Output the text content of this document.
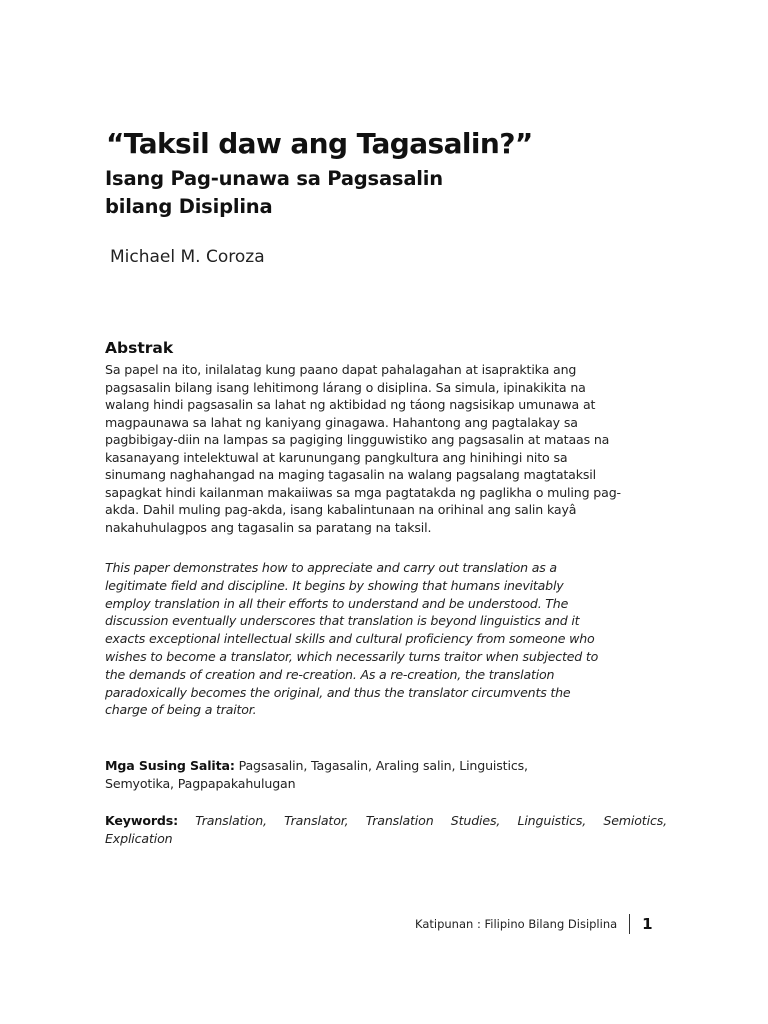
“Taksil daw ang Tagasalin?”
Isang Pag-unawa sa Pagsasalin
bilang Disiplina
Michael M. Coroza
Abstrak

Sa papel na ito, inilalatag kung paano dapat pahalagahan at isapraktika ang
pagsasalin bilang isang lehitimong lárang o disiplina. Sa simula, ipinakikita na
walang hindi pagsasalin sa lahat ng aktibidad ng táong nagsisikap umunawa at
magpaunawa sa lahat ng kaniyang ginagawa. Hahantong ang pagtalakay sa
pagbibigay-diin na lampas sa pagiging lingguwistiko ang pagsasalin at mataas na
kasanayang intelektuwal at karunungang pangkultura ang hinihingi nito sa
sinumang naghahangad na maging tagasalin na walang pagsalang magtataksil
sapagkat hindi kailanman makaiiwas sa mga pagtatakda ng paglikha o muling pag-
akda. Dahil muling pag-akda, isang kabalintunaan na orihinal ang salin kayâ
nakahuhulagpos ang tagasalin sa paratang na taksil.

This paper demonstrates how to appreciate and carry out translation as a
legitimate field and discipline. It begins by showing that humans inevitably
employ translation in all their efforts to understand and be understood. The
discussion eventually underscores that translation is beyond linguistics and it
exacts exceptional intellectual skills and cultural proficiency from someone who
wishes to become a translator, which necessarily turns traitor when subjected to
the demands of creation and re-creation. As a re-creation, the translation
paradoxically becomes the original, and thus the translator circumvents the
charge of being a traitor.

Mga Susing Salita: Pagsasalin, Tagasalin, Araling salin, Linguistics,
Semyotika, Pagpapakahulugan
Keywords: Translation, Translator, Translation Studies, Linguistics, Semiotics,
Explication
Katipunan : Filipino Bilang Disiplina 1
